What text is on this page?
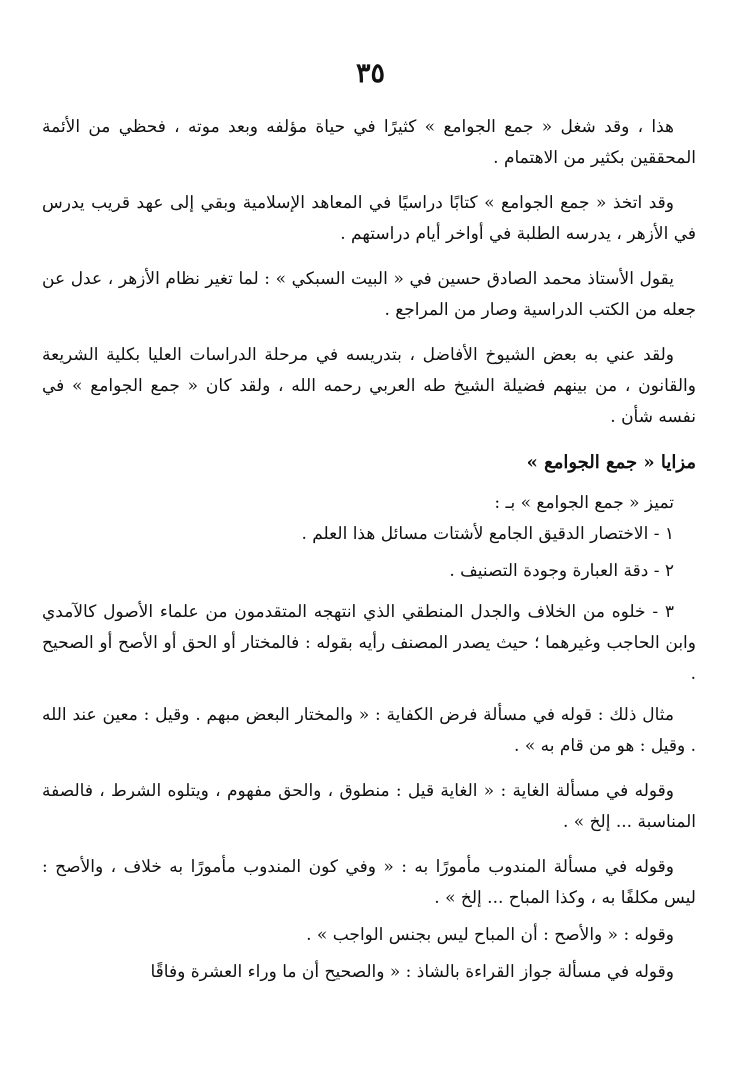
٣٥

هذا ، وقد شغل « جمع الجوامع » كثيرًا في حياة مؤلفه وبعد موته ، فحظي من الأئمة المحققين بكثير من الاهتمام .

وقد اتخذ « جمع الجوامع » كتابًا دراسيًا في المعاهد الإسلامية وبقي إلى عهد قريب يدرس في الأزهر ، يدرسه الطلبة في أواخر أيام دراستهم .

يقول الأستاذ محمد الصادق حسين في « البيت السبكي » : لما تغير نظام الأزهر ، عدل عن جعله من الكتب الدراسية وصار من المراجع .

ولقد عني به بعض الشيوخ الأفاضل ، بتدريسه في مرحلة الدراسات العليا بكلية الشريعة والقانون ، من بينهم فضيلة الشيخ طه العربي رحمه الله ، ولقد كان « جمع الجوامع » في نفسه شأن .

مزايا « جمع الجوامع »

تميز « جمع الجوامع » بـ :

١ - الاختصار الدقيق الجامع لأشتات مسائل هذا العلم .

٢ - دقة العبارة وجودة التصنيف .

٣ - خلوه من الخلاف والجدل المنطقي الذي انتهجه المتقدمون من علماء الأصول كالآمدي وابن الحاجب وغيرهما ؛ حيث يصدر المصنف رأيه بقوله : فالمختار أو الحق أو الأصح أو الصحيح .

مثال ذلك : قوله في مسألة فرض الكفاية : « والمختار البعض مبهم . وقيل : معين عند الله . وقيل : هو من قام به » .

وقوله في مسألة الغاية : « الغاية قيل : منطوق ، والحق مفهوم ، ويتلوه الشرط ، فالصفة المناسبة ... إلخ » .

وقوله في مسألة المندوب مأمورًا به : « وفي كون المندوب مأمورًا به خلاف ، والأصح : ليس مكلفًا به ، وكذا المباح ... إلخ » .

وقوله : « والأصح : أن المباح ليس بجنس الواجب » .

وقوله في مسألة جواز القراءة بالشاذ : « والصحيح أن ما وراء العشرة وفاقًا
